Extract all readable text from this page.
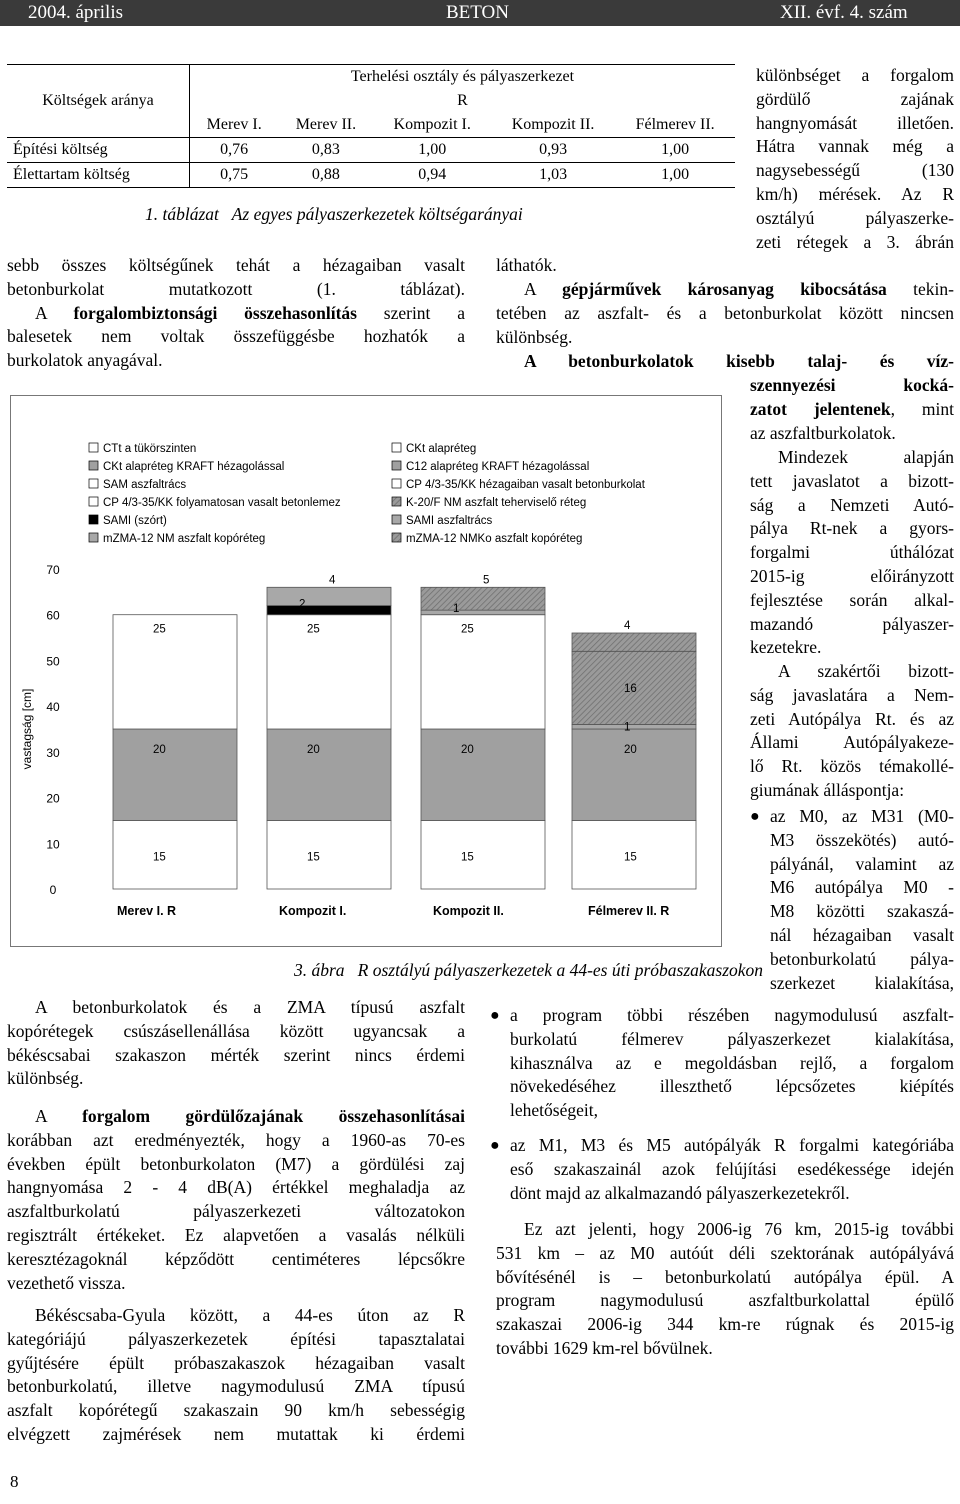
2004. április	BETON	XII. évf. 4. szám
Költségek aránya	Terhelési osztály és pályaszerkezet				
	R				
	Merev I.	Merev II.	Kompozit I.	Kompozit II.	Félmerev II.
Építési költség	0,76	0,83	1,00	0,93	1,00
Élettartam költség	0,75	0,88	0,94	1,03	1,00
1. táblázat   Az egyes pályaszerkezetek költségarányai
különbséget a forgalom
gördülő zajának
hangnyomását illetően.
Hátra vannak még a
nagysebességű (130
km/h) mérések. Az R
osztályú pályaszerke-
zeti rétegek a 3. ábrán
sebb összes költségűnek tehát a hézagaiban vasalt
betonburkolat mutatkozott (1. táblázat).
A forgalombiztonsági összehasonlítás szerint a
balesetek nem voltak összefüggésbe hozhatók a
burkolatok anyagával.
láthatók.
A gépjárművek károsanyag kibocsátása tekin-
tetében az aszfalt- és a betonburkolat között nincsen
különbség.
A betonburkolatok kisebb talaj- és víz-
szennyezési kocká-
zatot jelentenek, mint
az aszfaltburkolatok.
Mindezek alapján
tett javaslatot a bizott-
ság a Nemzeti Autó-
pálya Rt-nek a gyors-
forgalmi úthálózat
2015-ig előirányzott
fejlesztése során alkal-
mazandó pályaszer-
kezetekre.
A szakértői bizott-
ság javaslatára a Nem-
zeti Autópálya Rt. és az
Állami Autópályakeze-
lő Rt. közös témakollé-
giumának álláspontja:
● az M0, az M31 (M0-
M3 összekötés) autó-
pályánál, valamint az
M6 autópálya M0 -
M8 közötti szakaszá-
nál hézagaiban vasalt
betonburkolatú pálya-
szerkezet kialakítása,
● a program többi részében nagymodulusú aszfalt-
burkolatú félmerev pályaszerkezet kialakítása,
kihasználva az e megoldásban rejlő, a forgalom
növekedéséhez illeszthető lépcsőzetes kiépítés
lehetőségeit,
● az M1, M3 és M5 autópályák R forgalmi kategóriába
eső szakaszainál azok felújítási esedékessége idején
dönt majd az alkalmazandó pályaszerkezetekről.
Ez azt jelenti, hogy 2006-ig 76 km, 2015-ig további
531 km – az M0 autóút déli szektorának autópályává
bővítésénél is – betonburkolatú autópálya épül. A
program nagymodulusú aszfaltburkolattal épülő
szakaszai 2006-ig 344 km-re rúgnak és 2015-ig
további 1629 km-rel bővülnek.
0
10
20
30
40
50
60
70
vastagság [cm]
CTt a tükörszinten
CKt alapréteg KRAFT hézagolással
SAM aszfaltrács
CP 4/3-35/KK folyamatosan vasalt betonlemez
SAMI (szórt)
mZMA-12 NM aszfalt kopóréteg
CKt alapréteg
C12 alapréteg KRAFT hézagolással
CP 4/3-35/KK hézagaiban vasalt betonburkolat
K-20/F NM aszfalt teherviselő réteg
SAMI aszfaltrács
mZMA-12 NMKo aszfalt kopóréteg
15
20
25
Merev I. R
15
20
25
2
4
Kompozit I.
15
20
25
1
5
Kompozit II.
15
20
1
16
4
Félmerev II. R
3. ábra   R osztályú pályaszerkezetek a 44-es úti próbaszakaszokon
A betonburkolatok és a ZMA típusú aszfalt
kopórétegek csúszásellenállása között ugyancsak a
békéscsabai szakaszon mérték szerint nincs érdemi
különbség.
A forgalom gördülőzajának összehasonlításai
korábban azt eredményezték, hogy a 1960-as 70-es
években épült betonburkolaton (M7) a gördülési zaj
hangnyomása 2 - 4 dB(A) értékkel meghaladja az
aszfaltburkolatú pályaszerkezeti változatokon
regisztrált értékeket. Ez alapvetően a vasalás nélküli
keresztézagoknál képződött centiméteres lépcsőkre
vezethető vissza.
Békéscsaba-Gyula között, a 44-es úton az R
kategóriájú pályaszerkezetek építési tapasztalatai
gyűjtésére épült próbaszakaszok hézagaiban vasalt
betonburkolatú, illetve nagymodulusú ZMA típusú
aszfalt kopórétegű szakaszain 90 km/h sebességig
elvégzett zajmérések nem mutattak ki érdemi
8
